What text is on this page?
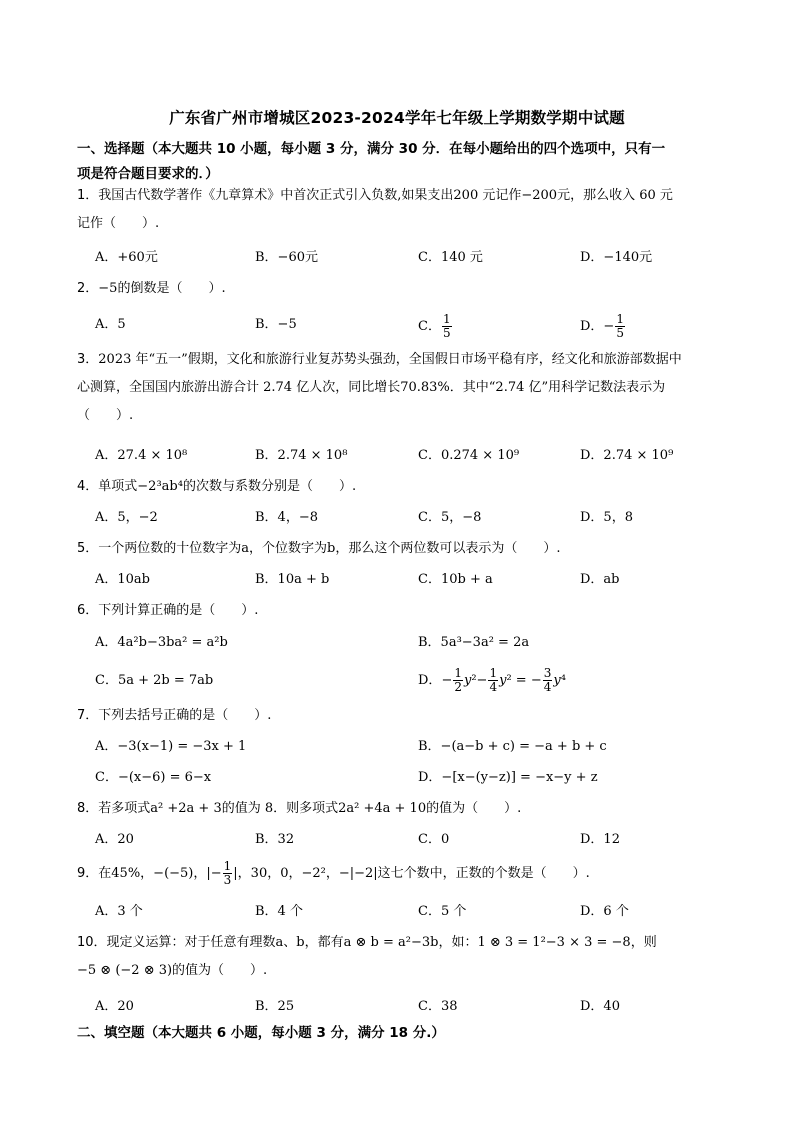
广东省广州市增城区2023-2024学年七年级上学期数学期中试题
一、选择题（本大题共 10 小题，每小题 3 分，满分 30 分．在每小题给出的四个选项中，只有一
项是符合题目要求的．）
1．我国古代数学著作《九章算术》中首次正式引入负数,如果支出200 元记作−200元，那么收入 60 元
记作（　　）.
A．+60元	B．−60元	C．140 元	D．−140元
2．−5的倒数是（　　）.
A．5	B．−5	C． $\frac{1}{5}$	D．− $\frac{1}{5}$
3．2023 年“五一”假期，文化和旅游行业复苏势头强劲，全国假日市场平稳有序，经文化和旅游部数据中
心测算，全国国内旅游出游合计 2.74 亿人次，同比增长70.83%．其中“2.74 亿”用科学记数法表示为
（　　）.
A．27.4 × 10⁸	B．2.74 × 10⁸	C．0.274 × 10⁹	D．2.74 × 10⁹
4．单项式−2³ab⁴的次数与系数分别是（　　）.
A．5，−2	B．4，−8	C．5，−8	D．5，8
5．一个两位数的十位数字为a，个位数字为b，那么这个两位数可以表示为（　　）.
A．10ab	B．10a + b	C．10b + a	D．ab
6．下列计算正确的是（　　）.
A．4a²b−3ba² = a²b	B．5a³−3a² = 2a
C．5a + 2b = 7ab	D．− $\frac{1}{2} y^2- \frac{1}{4} y^2$ = − $\frac{3}{4} y^4$
7．下列去括号正确的是（　　）.
A．−3(x−1) = −3x + 1	B．−(a−b + c) = −a + b + c
C．−(x−6) = 6−x	D．−[x−(y−z)] = −x−y + z
8．若多项式a² +2a + 3的值为 8．则多项式2a² +4a + 10的值为（　　）.
A．20	B．32	C．0	D．12
9．在45%，−(−5)，|− $\frac{1}{3}$ |，30，0，−2²，−|−2|这七个数中，正数的个数是（　　）.
A．3 个	B．4 个	C．5 个	D．6 个
10．现定义运算：对于任意有理数a、b，都有a ⊗ b = a²−3b，如：1 ⊗ 3 = 1²−3 × 3 = −8，则
−5 ⊗ (−2 ⊗ 3)的值为（　　）.
A．20	B．25	C．38	D．40
二、填空题（本大题共 6 小题，每小题 3 分，满分 18 分.）
